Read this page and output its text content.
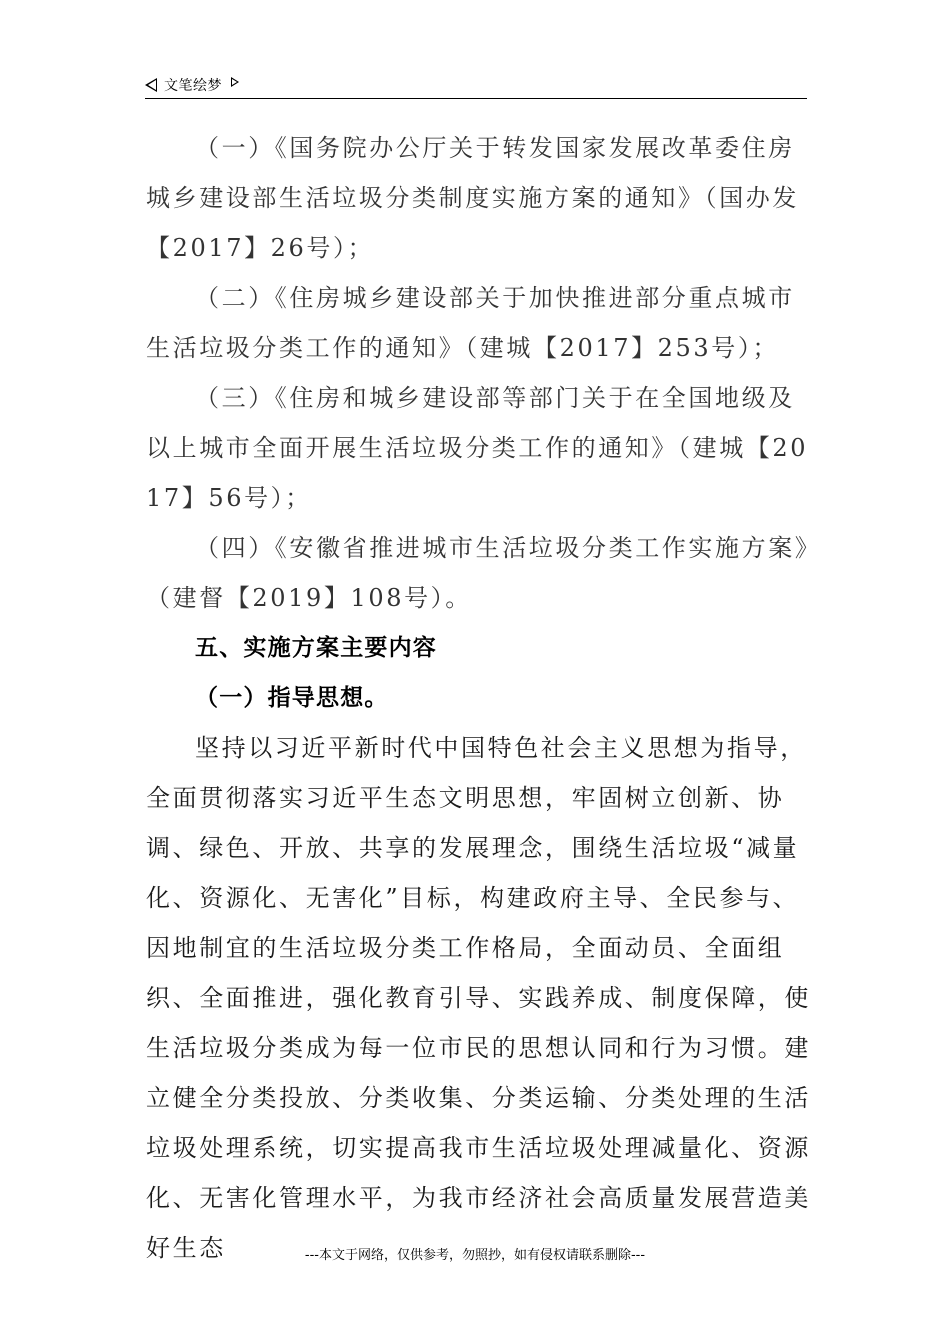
文笔绘梦

（一）《国务院办公厅关于转发国家发展改革委住房城乡建设部生活垃圾分类制度实施方案的通知》（国办发【2017】26号）；

（二）《住房城乡建设部关于加快推进部分重点城市生活垃圾分类工作的通知》（建城【2017】253号）；

（三）《住房和城乡建设部等部门关于在全国地级及以上城市全面开展生活垃圾分类工作的通知》（建城【2017】56号）；

（四）《安徽省推进城市生活垃圾分类工作实施方案》（建督【2019】108号）。

五、实施方案主要内容

（一）指导思想。

坚持以习近平新时代中国特色社会主义思想为指导，全面贯彻落实习近平生态文明思想，牢固树立创新、协调、绿色、开放、共享的发展理念，围绕生活垃圾“减量化、资源化、无害化”目标，构建政府主导、全民参与、因地制宜的生活垃圾分类工作格局，全面动员、全面组织、全面推进，强化教育引导、实践养成、制度保障，使生活垃圾分类成为每一位市民的思想认同和行为习惯。建立健全分类投放、分类收集、分类运输、分类处理的生活垃圾处理系统，切实提高我市生活垃圾处理减量化、资源化、无害化管理水平，为我市经济社会高质量发展营造美好生态	---本文于网络，仅供参考，勿照抄，如有侵权请联系删除---
